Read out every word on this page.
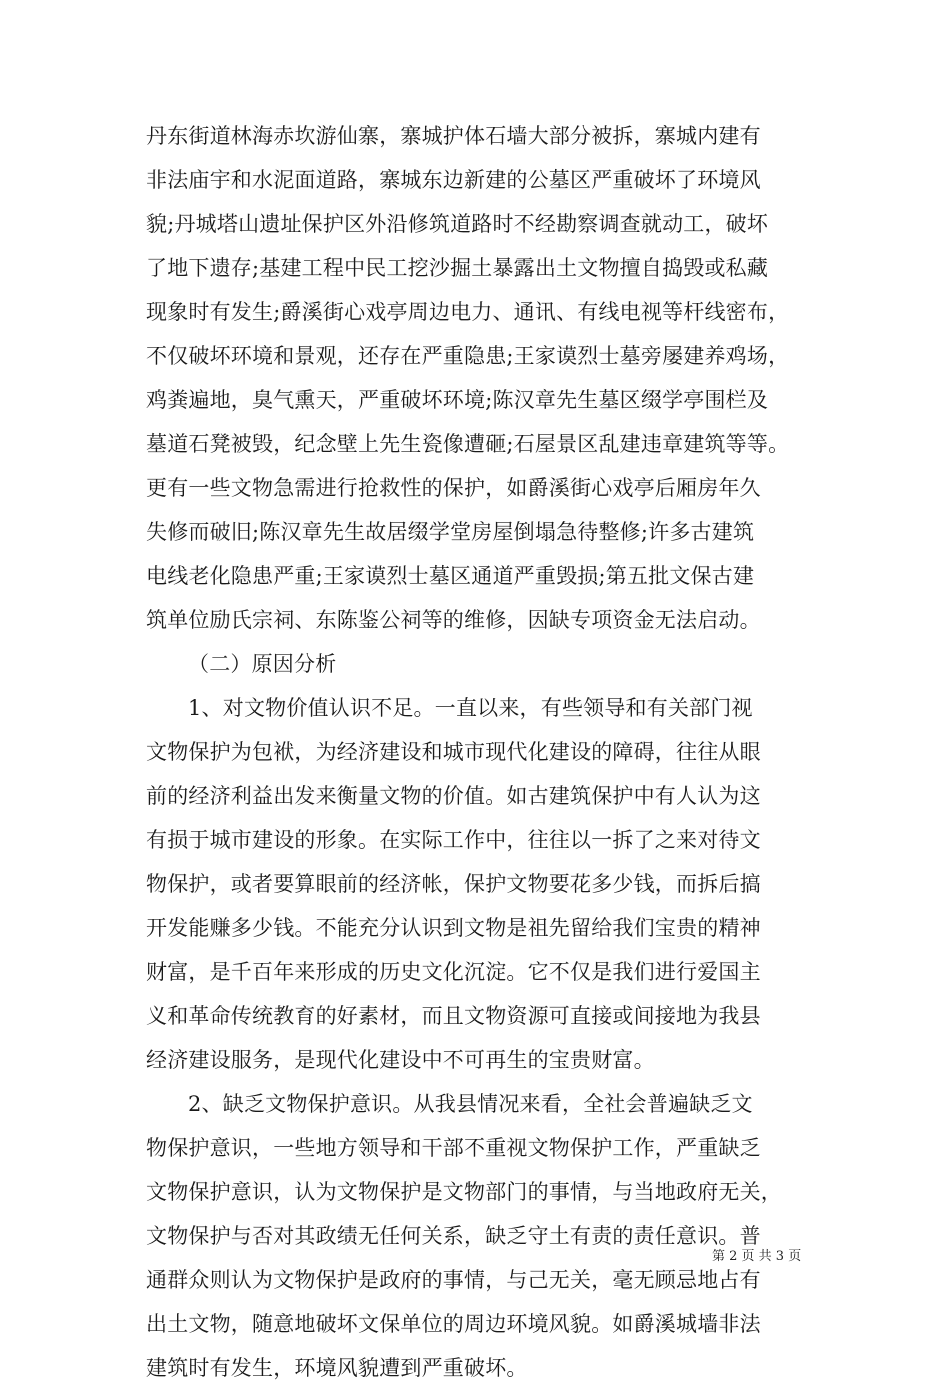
丹东街道林海赤坎游仙寨，寨城护体石墙大部分被拆，寨城内建有
非法庙宇和水泥面道路，寨城东边新建的公墓区严重破坏了环境风
貌;丹城塔山遗址保护区外沿修筑道路时不经勘察调查就动工，破坏
了地下遗存;基建工程中民工挖沙掘土暴露出土文物擅自捣毁或私藏
现象时有发生;爵溪街心戏亭周边电力、通讯、有线电视等杆线密布，
不仅破坏环境和景观，还存在严重隐患;王家谟烈士墓旁屡建养鸡场，
鸡粪遍地，臭气熏天，严重破坏环境;陈汉章先生墓区缀学亭围栏及
墓道石凳被毁，纪念壁上先生瓷像遭砸;石屋景区乱建违章建筑等等。
更有一些文物急需进行抢救性的保护，如爵溪街心戏亭后厢房年久
失修而破旧;陈汉章先生故居缀学堂房屋倒塌急待整修;许多古建筑
电线老化隐患严重;王家谟烈士墓区通道严重毁损;第五批文保古建
筑单位励氏宗祠、东陈鉴公祠等的维修，因缺专项资金无法启动。
（二）原因分析
1、对文物价值认识不足。一直以来，有些领导和有关部门视
文物保护为包袱，为经济建设和城市现代化建设的障碍，往往从眼
前的经济利益出发来衡量文物的价值。如古建筑保护中有人认为这
有损于城市建设的形象。在实际工作中，往往以一拆了之来对待文
物保护，或者要算眼前的经济帐，保护文物要花多少钱，而拆后搞
开发能赚多少钱。不能充分认识到文物是祖先留给我们宝贵的精神
财富，是千百年来形成的历史文化沉淀。它不仅是我们进行爱国主
义和革命传统教育的好素材，而且文物资源可直接或间接地为我县
经济建设服务，是现代化建设中不可再生的宝贵财富。
2、缺乏文物保护意识。从我县情况来看，全社会普遍缺乏文
物保护意识，一些地方领导和干部不重视文物保护工作，严重缺乏
文物保护意识，认为文物保护是文物部门的事情，与当地政府无关，
文物保护与否对其政绩无任何关系，缺乏守土有责的责任意识。普
通群众则认为文物保护是政府的事情，与己无关，毫无顾忌地占有
出土文物，随意地破坏文保单位的周边环境风貌。如爵溪城墙非法
建筑时有发生，环境风貌遭到严重破坏。
第 2 页 共 3 页
